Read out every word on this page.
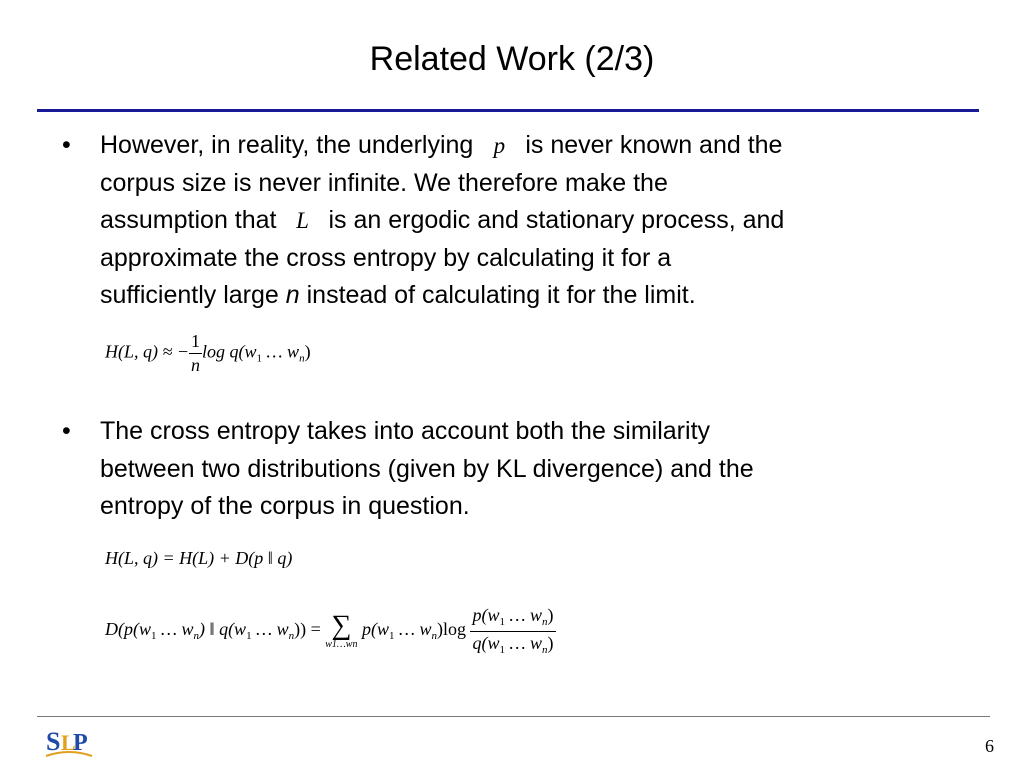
Related Work (2/3)
• However, in reality, the underlying p is never known and the
corpus size is never infinite. We therefore make the
assumption that L is an ergodic and stationary process, and
approximate the cross entropy by calculating it for a
sufficiently large n instead of calculating it for the limit.
H(L, q) ≈ − $\frac{1}{n}$ $\log q(w_1$ … $w_n$)
• The cross entropy takes into account both the similarity
between two distributions (given by KL divergence) and the
entropy of the corpus in question.
H(L, q) = H(L) + D(p ‖ q)
$D(p(w_1$ … $w_n$) ‖ $q(w_1$ … $w_n$)) = ∑
w1…wn
$p(w_1$ … $w_n)\log \frac{p(w_1 \dots w_n)}{q(w_1 \dots w_n)}$
S L
P	6
